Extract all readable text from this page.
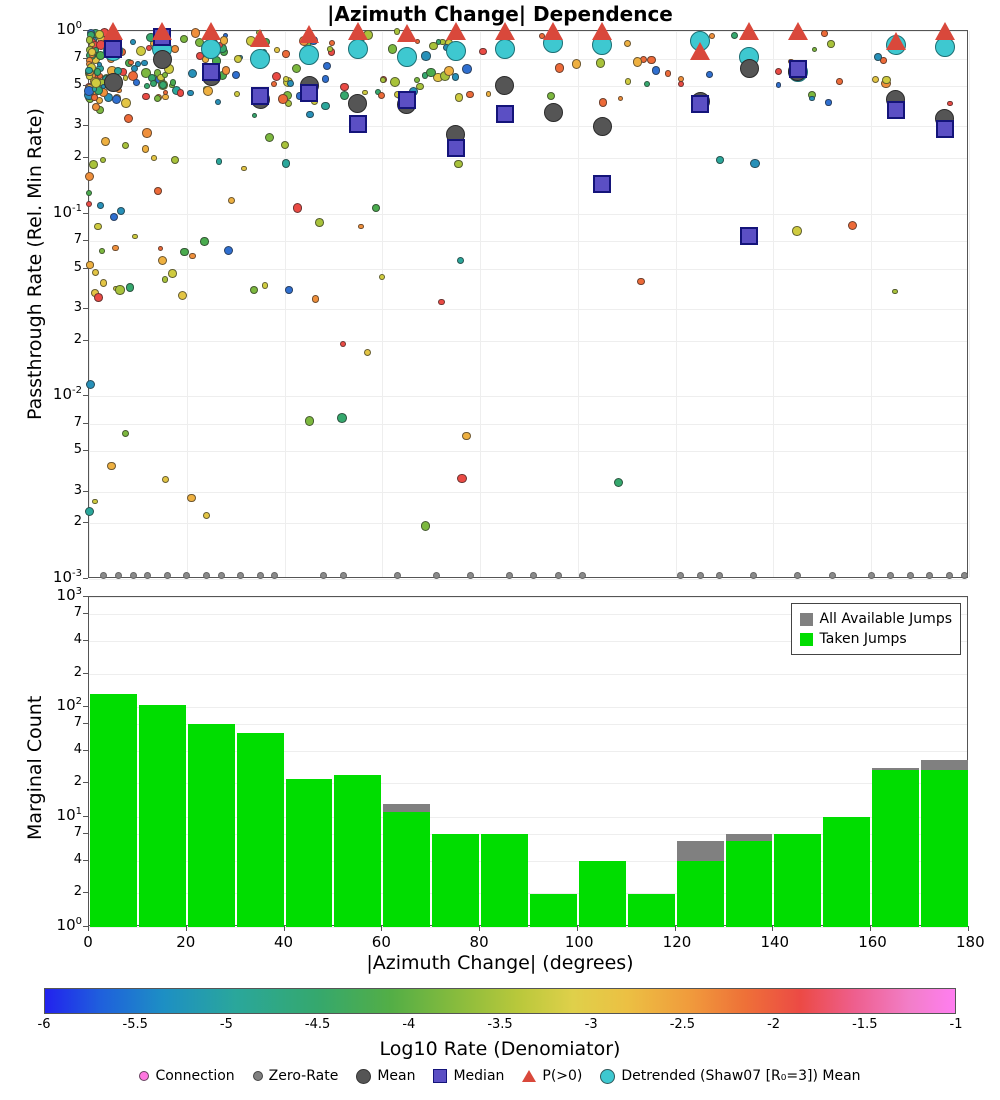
|Azimuth Change| Dependence
$10^0$
7
5
3
2
$10^{-1}$
7
5
3
2
$10^{-2}$
7
5
3
2
$10^{-3}$
Passthrough Rate (Rel. Min Rate)
All Available Jumps
Taken Jumps
$10^3$
7
4
2
$10^2$
7
4
2
$10^1$
7
4
2
$10^0$
0	20	40	60	80	100	120	140	160	180
Marginal Count
|Azimuth Change| (degrees)
-6	-5.5	-5	-4.5	-4	-3.5	-3	-2.5	-2	-1.5	-1
Log10 Rate (Denomiator)
Connection Zero-Rate	Mean	Median	P(>0)	Detrended (Shaw07 [R₀=3]) Mean
